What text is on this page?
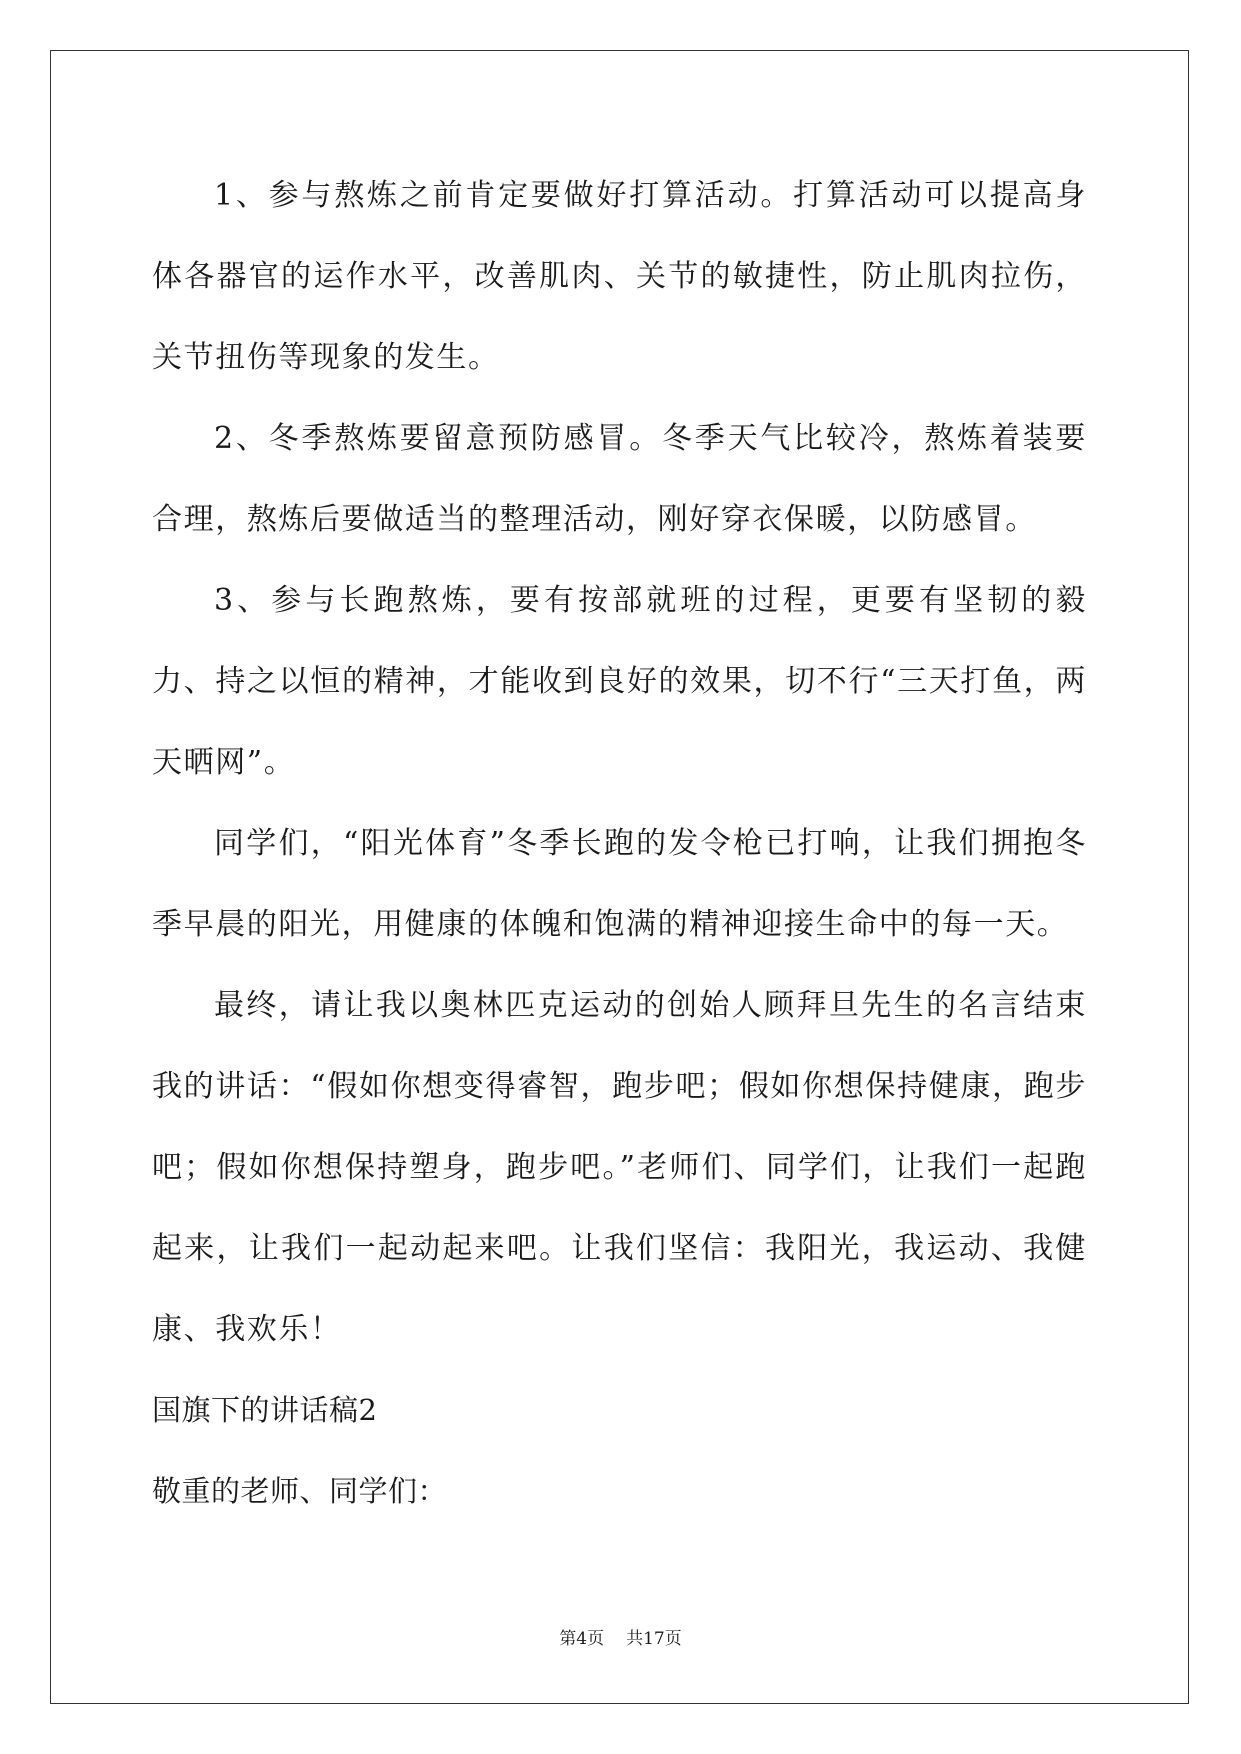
1、参与熬炼之前肯定要做好打算活动。打算活动可以提高身体各器官的运作水平，改善肌肉、关节的敏捷性，防止肌肉拉伤，关节扭伤等现象的发生。

2、冬季熬炼要留意预防感冒。冬季天气比较冷，熬炼着装要合理，熬炼后要做适当的整理活动，刚好穿衣保暖，以防感冒。

3、参与长跑熬炼，要有按部就班的过程，更要有坚韧的毅力、持之以恒的精神，才能收到良好的效果，切不行“三天打鱼，两天晒网”。

同学们，“阳光体育”冬季长跑的发令枪已打响，让我们拥抱冬季早晨的阳光，用健康的体魄和饱满的精神迎接生命中的每一天。

最终，请让我以奥林匹克运动的创始人顾拜旦先生的名言结束我的讲话：“假如你想变得睿智，跑步吧；假如你想保持健康，跑步吧；假如你想保持塑身，跑步吧。”老师们、同学们，让我们一起跑起来，让我们一起动起来吧。让我们坚信：我阳光，我运动、我健康、我欢乐！

国旗下的讲话稿2

敬重的老师、同学们：

第4页 共17页
